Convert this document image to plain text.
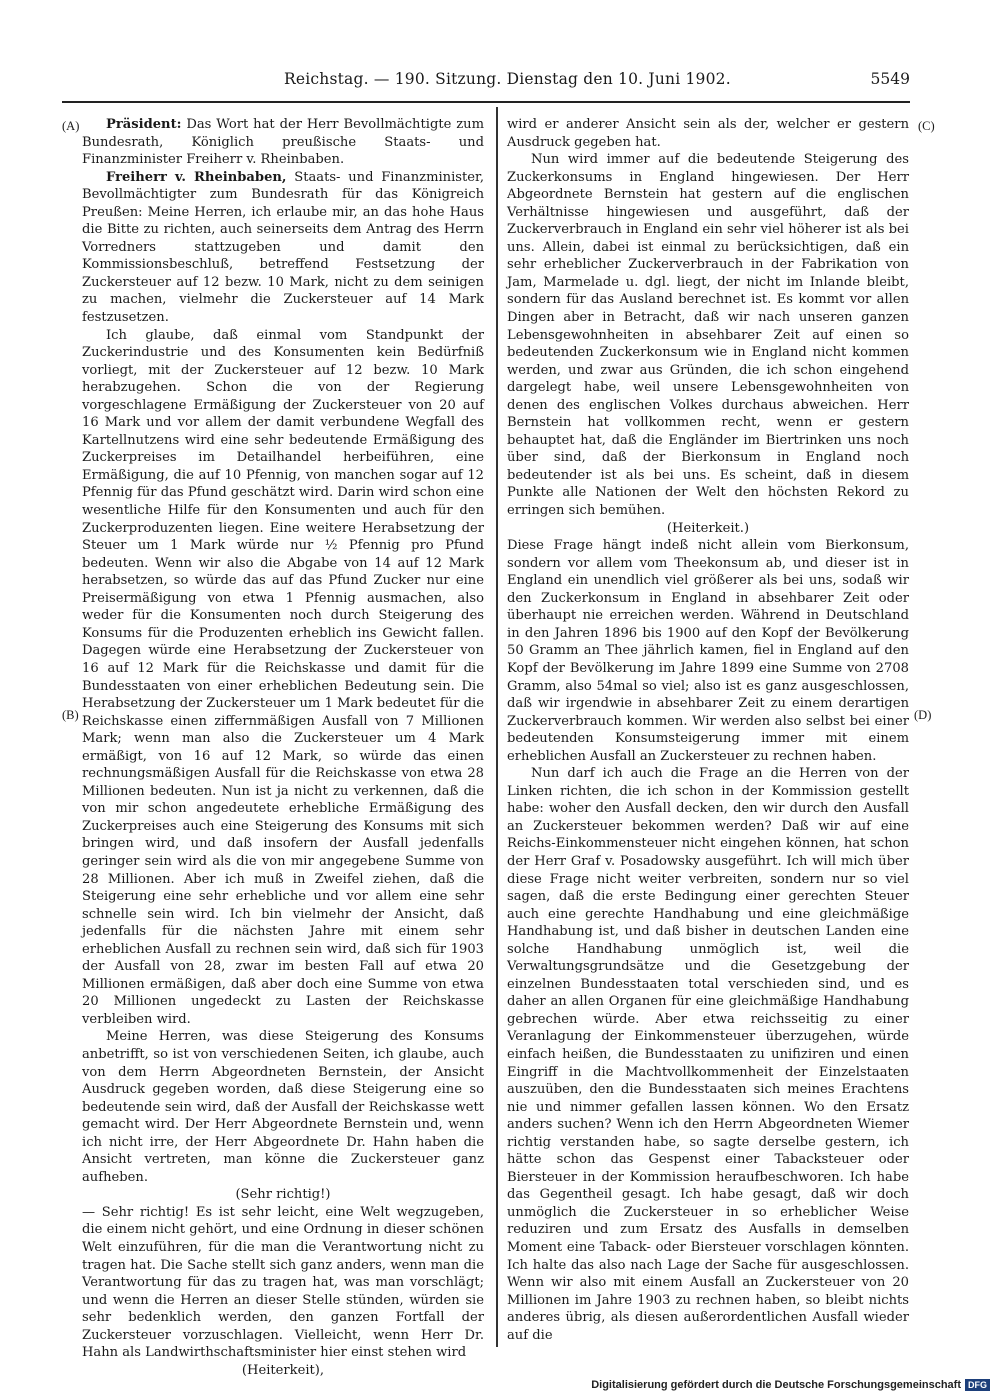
Reichstag. — 190. Sitzung. Dienstag den 10. Juni 1902.	5549
(A)
(B)
(C)
(D)

Präsident: Das Wort hat der Herr Bevollmächtigte zum Bundesrath, Königlich preußische Staats- und Finanzminister Freiherr v. Rheinbaben.

Freiherr v. Rheinbaben, Staats- und Finanzminister, Bevollmächtigter zum Bundesrath für das Königreich Preußen: Meine Herren, ich erlaube mir, an das hohe Haus die Bitte zu richten, auch seinerseits dem Antrag des Herrn Vorredners stattzugeben und damit den Kommissionsbeschluß, betreffend Festsetzung der Zuckersteuer auf 12 bezw. 10 Mark, nicht zu dem seinigen zu machen, vielmehr die Zuckersteuer auf 14 Mark festzusetzen.

Ich glaube, daß einmal vom Standpunkt der Zuckerindustrie und des Konsumenten kein Bedürfniß vorliegt, mit der Zuckersteuer auf 12 bezw. 10 Mark herabzugehen. Schon die von der Regierung vorgeschlagene Ermäßigung der Zuckersteuer von 20 auf 16 Mark und vor allem der damit verbundene Wegfall des Kartellnutzens wird eine sehr bedeutende Ermäßigung des Zuckerpreises im Detailhandel herbeiführen, eine Ermäßigung, die auf 10 Pfennig, von manchen sogar auf 12 Pfennig für das Pfund geschätzt wird. Darin wird schon eine wesentliche Hilfe für den Konsumenten und auch für den Zuckerproduzenten liegen. Eine weitere Herabsetzung der Steuer um 1 Mark würde nur ½ Pfennig pro Pfund bedeuten. Wenn wir also die Abgabe von 14 auf 12 Mark herabsetzen, so würde das auf das Pfund Zucker nur eine Preisermäßigung von etwa 1 Pfennig ausmachen, also weder für die Konsumenten noch durch Steigerung des Konsums für die Produzenten erheblich ins Gewicht fallen. Dagegen würde eine Herabsetzung der Zuckersteuer von 16 auf 12 Mark für die Reichskasse und damit für die Bundesstaaten von einer erheblichen Bedeutung sein. Die Herabsetzung der Zuckersteuer um 1 Mark bedeutet für die Reichskasse einen ziffernmäßigen Ausfall von 7 Millionen Mark; wenn man also die Zuckersteuer um 4 Mark ermäßigt, von 16 auf 12 Mark, so würde das einen rechnungsmäßigen Ausfall für die Reichskasse von etwa 28 Millionen bedeuten. Nun ist ja nicht zu verkennen, daß die von mir schon angedeutete erhebliche Ermäßigung des Zuckerpreises auch eine Steigerung des Konsums mit sich bringen wird, und daß insofern der Ausfall jedenfalls geringer sein wird als die von mir angegebene Summe von 28 Millionen. Aber ich muß in Zweifel ziehen, daß die Steigerung eine sehr erhebliche und vor allem eine sehr schnelle sein wird. Ich bin vielmehr der Ansicht, daß jedenfalls für die nächsten Jahre mit einem sehr erheblichen Ausfall zu rechnen sein wird, daß sich für 1903 der Ausfall von 28, zwar im besten Fall auf etwa 20 Millionen ermäßigen, daß aber doch eine Summe von etwa 20 Millionen ungedeckt zu Lasten der Reichskasse verbleiben wird.

Meine Herren, was diese Steigerung des Konsums anbetrifft, so ist von verschiedenen Seiten, ich glaube, auch von dem Herrn Abgeordneten Bernstein, der Ansicht Ausdruck gegeben worden, daß diese Steigerung eine so bedeutende sein wird, daß der Ausfall der Reichskasse wett gemacht wird. Der Herr Abgeordnete Bernstein und, wenn ich nicht irre, der Herr Abgeordnete Dr. Hahn haben die Ansicht vertreten, man könne die Zuckersteuer ganz aufheben.

(Sehr richtig!)

— Sehr richtig! Es ist sehr leicht, eine Welt wegzugeben, die einem nicht gehört, und eine Ordnung in dieser schönen Welt einzuführen, für die man die Verantwortung nicht zu tragen hat. Die Sache stellt sich ganz anders, wenn man die Verantwortung für das zu tragen hat, was man vorschlägt; und wenn die Herren an dieser Stelle stünden, würden sie sehr bedenklich werden, den ganzen Fortfall der Zuckersteuer vorzuschlagen. Vielleicht, wenn Herr Dr. Hahn als Landwirthschaftsminister hier einst stehen wird

(Heiterkeit),

wird er anderer Ansicht sein als der, welcher er gestern Ausdruck gegeben hat.

Nun wird immer auf die bedeutende Steigerung des Zuckerkonsums in England hingewiesen. Der Herr Abgeordnete Bernstein hat gestern auf die englischen Verhältnisse hingewiesen und ausgeführt, daß der Zuckerverbrauch in England ein sehr viel höherer ist als bei uns. Allein, dabei ist einmal zu berücksichtigen, daß ein sehr erheblicher Zuckerverbrauch in der Fabrikation von Jam, Marmelade u. dgl. liegt, der nicht im Inlande bleibt, sondern für das Ausland berechnet ist. Es kommt vor allen Dingen aber in Betracht, daß wir nach unseren ganzen Lebensgewohnheiten in absehbarer Zeit auf einen so bedeutenden Zuckerkonsum wie in England nicht kommen werden, und zwar aus Gründen, die ich schon eingehend dargelegt habe, weil unsere Lebensgewohnheiten von denen des englischen Volkes durchaus abweichen. Herr Bernstein hat vollkommen recht, wenn er gestern behauptet hat, daß die Engländer im Biertrinken uns noch über sind, daß der Bierkonsum in England noch bedeutender ist als bei uns. Es scheint, daß in diesem Punkte alle Nationen der Welt den höchsten Rekord zu erringen sich bemühen.

(Heiterkeit.)

Diese Frage hängt indeß nicht allein vom Bierkonsum, sondern vor allem vom Theekonsum ab, und dieser ist in England ein unendlich viel größerer als bei uns, sodaß wir den Zuckerkonsum in England in absehbarer Zeit oder überhaupt nie erreichen werden. Während in Deutschland in den Jahren 1896 bis 1900 auf den Kopf der Bevölkerung 50 Gramm an Thee jährlich kamen, fiel in England auf den Kopf der Bevölkerung im Jahre 1899 eine Summe von 2708 Gramm, also 54mal so viel; also ist es ganz ausgeschlossen, daß wir irgendwie in absehbarer Zeit zu einem derartigen Zuckerverbrauch kommen. Wir werden also selbst bei einer bedeutenden Konsumsteigerung immer mit einem erheblichen Ausfall an Zuckersteuer zu rechnen haben.

Nun darf ich auch die Frage an die Herren von der Linken richten, die ich schon in der Kommission gestellt habe: woher den Ausfall decken, den wir durch den Ausfall an Zuckersteuer bekommen werden? Daß wir auf eine Reichs-Einkommensteuer nicht eingehen können, hat schon der Herr Graf v. Posadowsky ausgeführt. Ich will mich über diese Frage nicht weiter verbreiten, sondern nur so viel sagen, daß die erste Bedingung einer gerechten Steuer auch eine gerechte Handhabung und eine gleichmäßige Handhabung ist, und daß bisher in deutschen Landen eine solche Handhabung unmöglich ist, weil die Verwaltungsgrundsätze und die Gesetzgebung der einzelnen Bundesstaaten total verschieden sind, und es daher an allen Organen für eine gleichmäßige Handhabung gebrechen würde. Aber etwa reichsseitig zu einer Veranlagung der Einkommensteuer überzugehen, würde einfach heißen, die Bundesstaaten zu unifiziren und einen Eingriff in die Machtvollkommenheit der Einzelstaaten auszuüben, den die Bundesstaaten sich meines Erachtens nie und nimmer gefallen lassen können. Wo den Ersatz anders suchen? Wenn ich den Herrn Abgeordneten Wiemer richtig verstanden habe, so sagte derselbe gestern, ich hätte schon das Gespenst einer Tabacksteuer oder Biersteuer in der Kommission heraufbeschworen. Ich habe das Gegentheil gesagt. Ich habe gesagt, daß wir doch unmöglich die Zuckersteuer in so erheblicher Weise reduziren und zum Ersatz des Ausfalls in demselben Moment eine Taback- oder Biersteuer vorschlagen könnten. Ich halte das also nach Lage der Sache für ausgeschlossen. Wenn wir also mit einem Ausfall an Zuckersteuer von 20 Millionen im Jahre 1903 zu rechnen haben, so bleibt nichts anderes übrig, als diesen außerordentlichen Ausfall wieder auf die

Digitalisierung gefördert durch die Deutsche Forschungsgemeinschaft DFG
